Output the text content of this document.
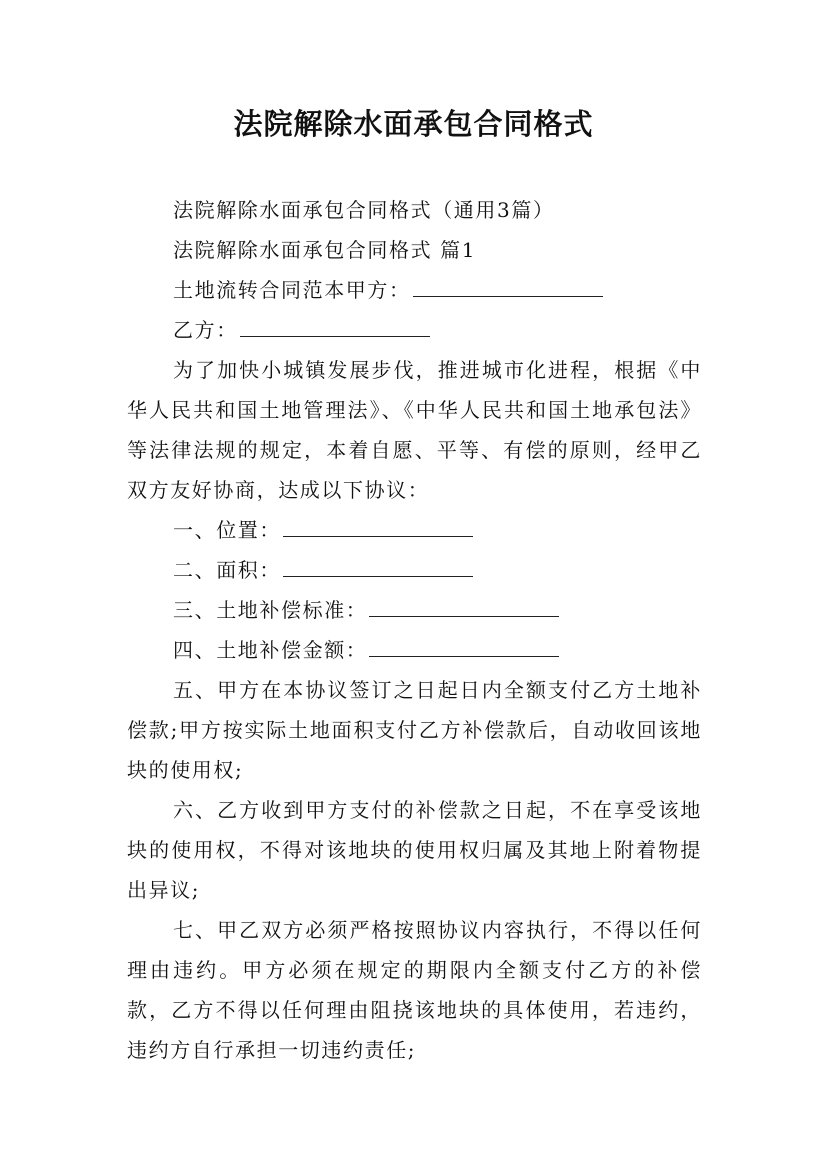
法院解除水面承包合同格式

法院解除水面承包合同格式（通用3篇）

法院解除水面承包合同格式 篇1

土地流转合同范本甲方：

乙方：

为了加快小城镇发展步伐，推进城市化进程，根据《中华人民共和国土地管理法》、《中华人民共和国土地承包法》等法律法规的规定，本着自愿、平等、有偿的原则，经甲乙双方友好协商，达成以下协议：

一、位置：

二、面积：

三、土地补偿标准：

四、土地补偿金额：

五、甲方在本协议签订之日起日内全额支付乙方土地补偿款;甲方按实际土地面积支付乙方补偿款后，自动收回该地块的使用权;

六、乙方收到甲方支付的补偿款之日起，不在享受该地块的使用权，不得对该地块的使用权归属及其地上附着物提出异议;

七、甲乙双方必须严格按照协议内容执行，不得以任何理由违约。甲方必须在规定的期限内全额支付乙方的补偿款，乙方不得以任何理由阻挠该地块的具体使用，若违约，违约方自行承担一切违约责任;
